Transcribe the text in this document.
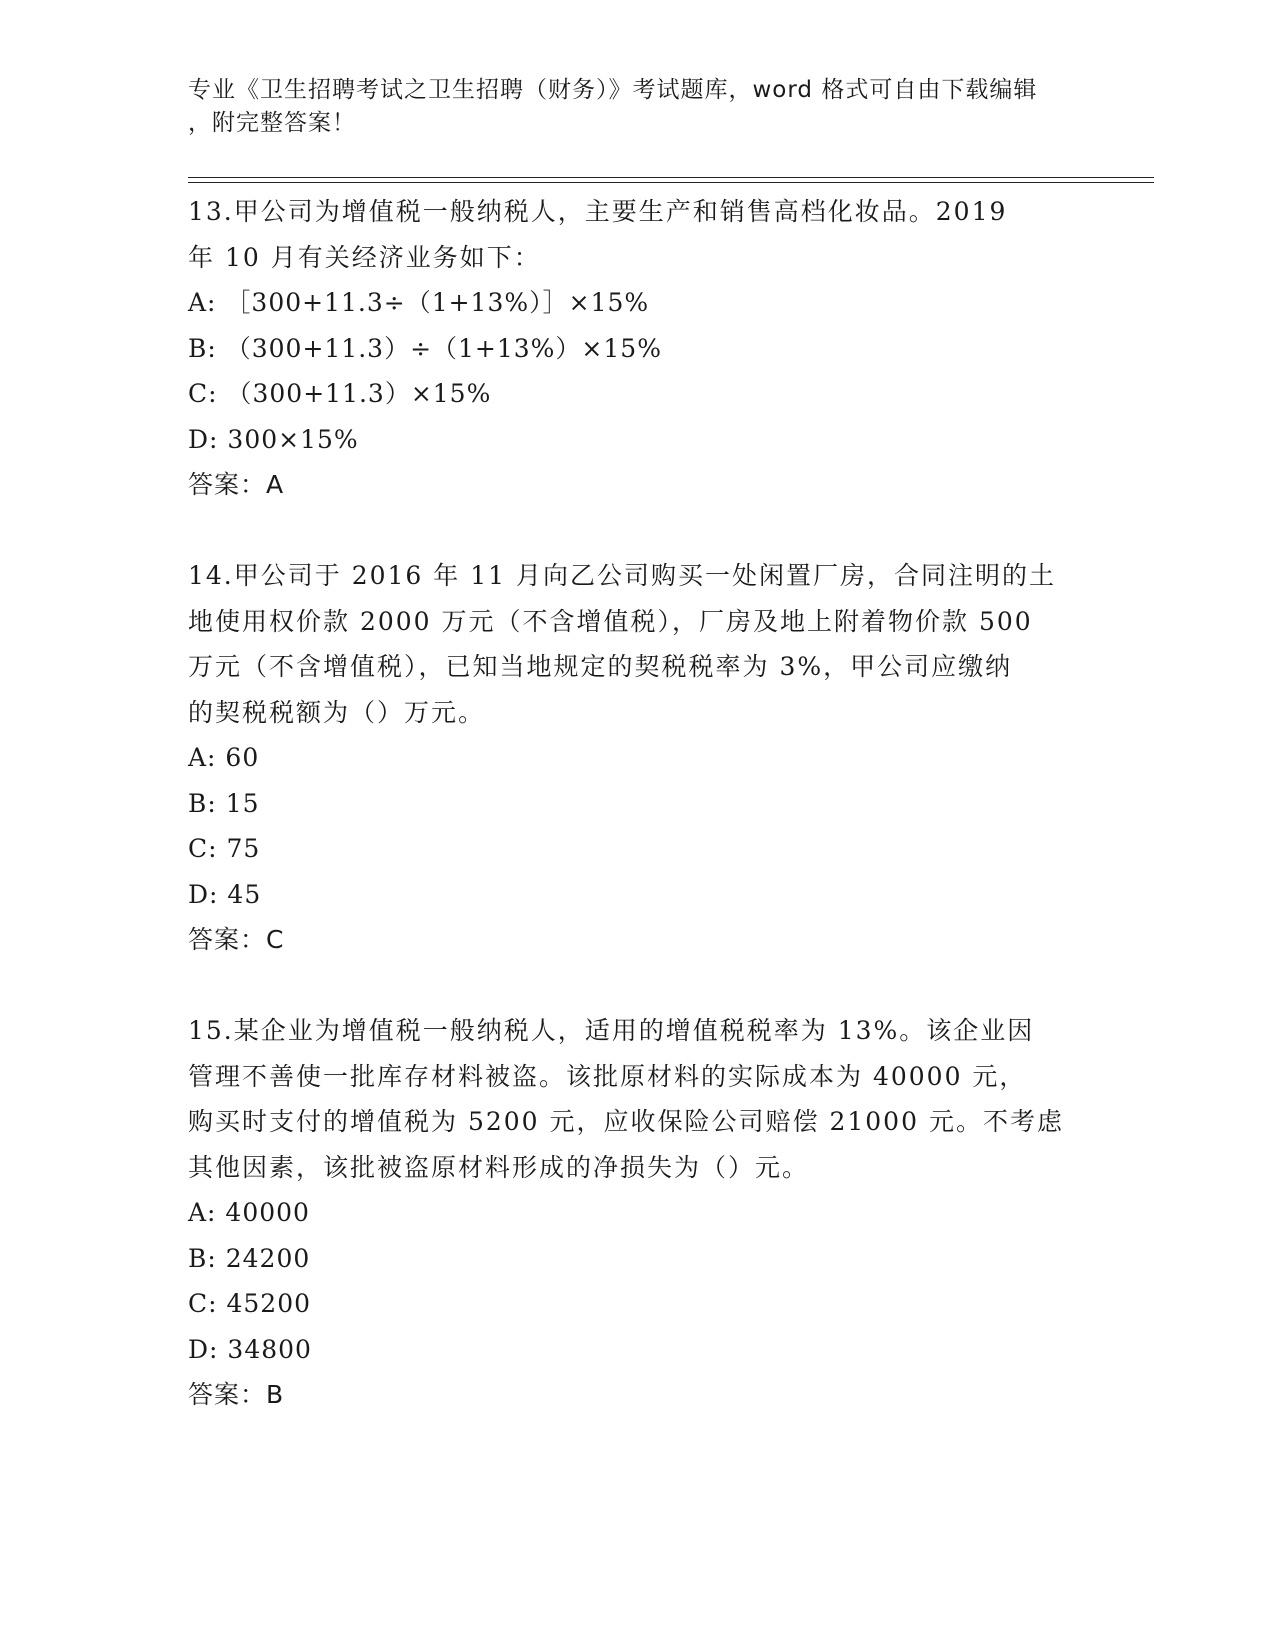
专业《卫生招聘考试之卫生招聘（财务）》考试题库，word 格式可自由下载编辑
，附完整答案！

13.甲公司为增值税一般纳税人，主要生产和销售高档化妆品。2019

年 10 月有关经济业务如下：

A: ［300+11.3÷（1+13%）］×15%

B: （300+11.3）÷（1+13%）×15%

C: （300+11.3）×15%

D: 300×15%

答案：A

14.甲公司于 2016 年 11 月向乙公司购买一处闲置厂房，合同注明的土

地使用权价款 2000 万元（不含增值税），厂房及地上附着物价款 500

万元（不含增值税），已知当地规定的契税税率为 3%，甲公司应缴纳

的契税税额为（）万元。

A: 60

B: 15

C: 75

D: 45

答案：C

15.某企业为增值税一般纳税人，适用的增值税税率为 13%。该企业因

管理不善使一批库存材料被盗。该批原材料的实际成本为 40000 元，

购买时支付的增值税为 5200 元，应收保险公司赔偿 21000 元。不考虑

其他因素，该批被盗原材料形成的净损失为（）元。

A: 40000

B: 24200

C: 45200

D: 34800

答案：B
